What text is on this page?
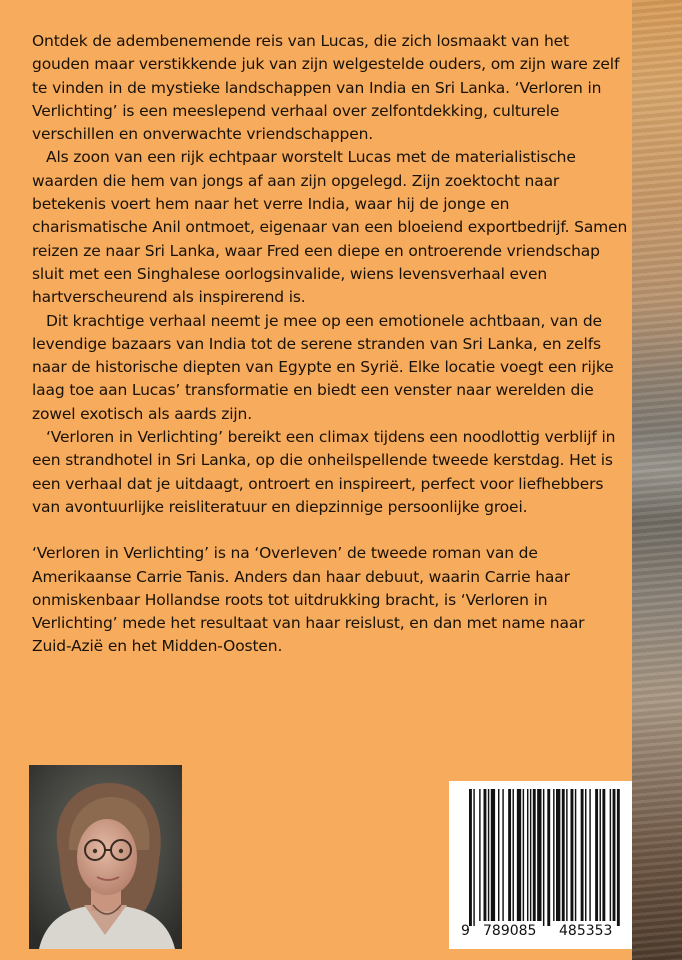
Ontdek de adembenemende reis van Lucas, die zich losmaakt van het gouden maar verstikkende juk van zijn welgestelde ouders, om zijn ware zelf te vinden in de mystieke landschappen van India en Sri Lanka. ‘Verloren in Verlichting’ is een meeslepend verhaal over zelfontdekking, culturele verschillen en onverwachte vriendschappen.

Als zoon van een rijk echtpaar worstelt Lucas met de materialistische waarden die hem van jongs af aan zijn opgelegd. Zijn zoektocht naar betekenis voert hem naar het verre India, waar hij de jonge en charismatische Anil ontmoet, eigenaar van een bloeiend exportbedrijf. Samen reizen ze naar Sri Lanka, waar Fred een diepe en ontroerende vriendschap sluit met een Singhalese oorlogsinvalide, wiens levensverhaal even hartverscheurend als inspirerend is.

Dit krachtige verhaal neemt je mee op een emotionele achtbaan, van de levendige bazaars van India tot de serene stranden van Sri Lanka, en zelfs naar de historische diepten van Egypte en Syrië. Elke locatie voegt een rijke laag toe aan Lucas’ transformatie en biedt een venster naar werelden die zowel exotisch als aards zijn.

‘Verloren in Verlichting’ bereikt een climax tijdens een noodlottig verblijf in een strandhotel in Sri Lanka, op die onheilspellende tweede kerstdag. Het is een verhaal dat je uitdaagt, ontroert en inspireert, perfect voor liefhebbers van avontuurlijke reisliteratuur en diepzinnige persoonlijke groei.

‘Verloren in Verlichting’ is na ‘Overleven’ de tweede roman van de Amerikaanse Carrie Tanis. Anders dan haar debuut, waarin Carrie haar onmiskenbaar Hollandse roots tot uitdrukking bracht, is ‘Verloren in Verlichting’ mede het resultaat van haar reislust, en dan met name naar Zuid-Azië en het Midden-Oosten.

9 789085 485353
